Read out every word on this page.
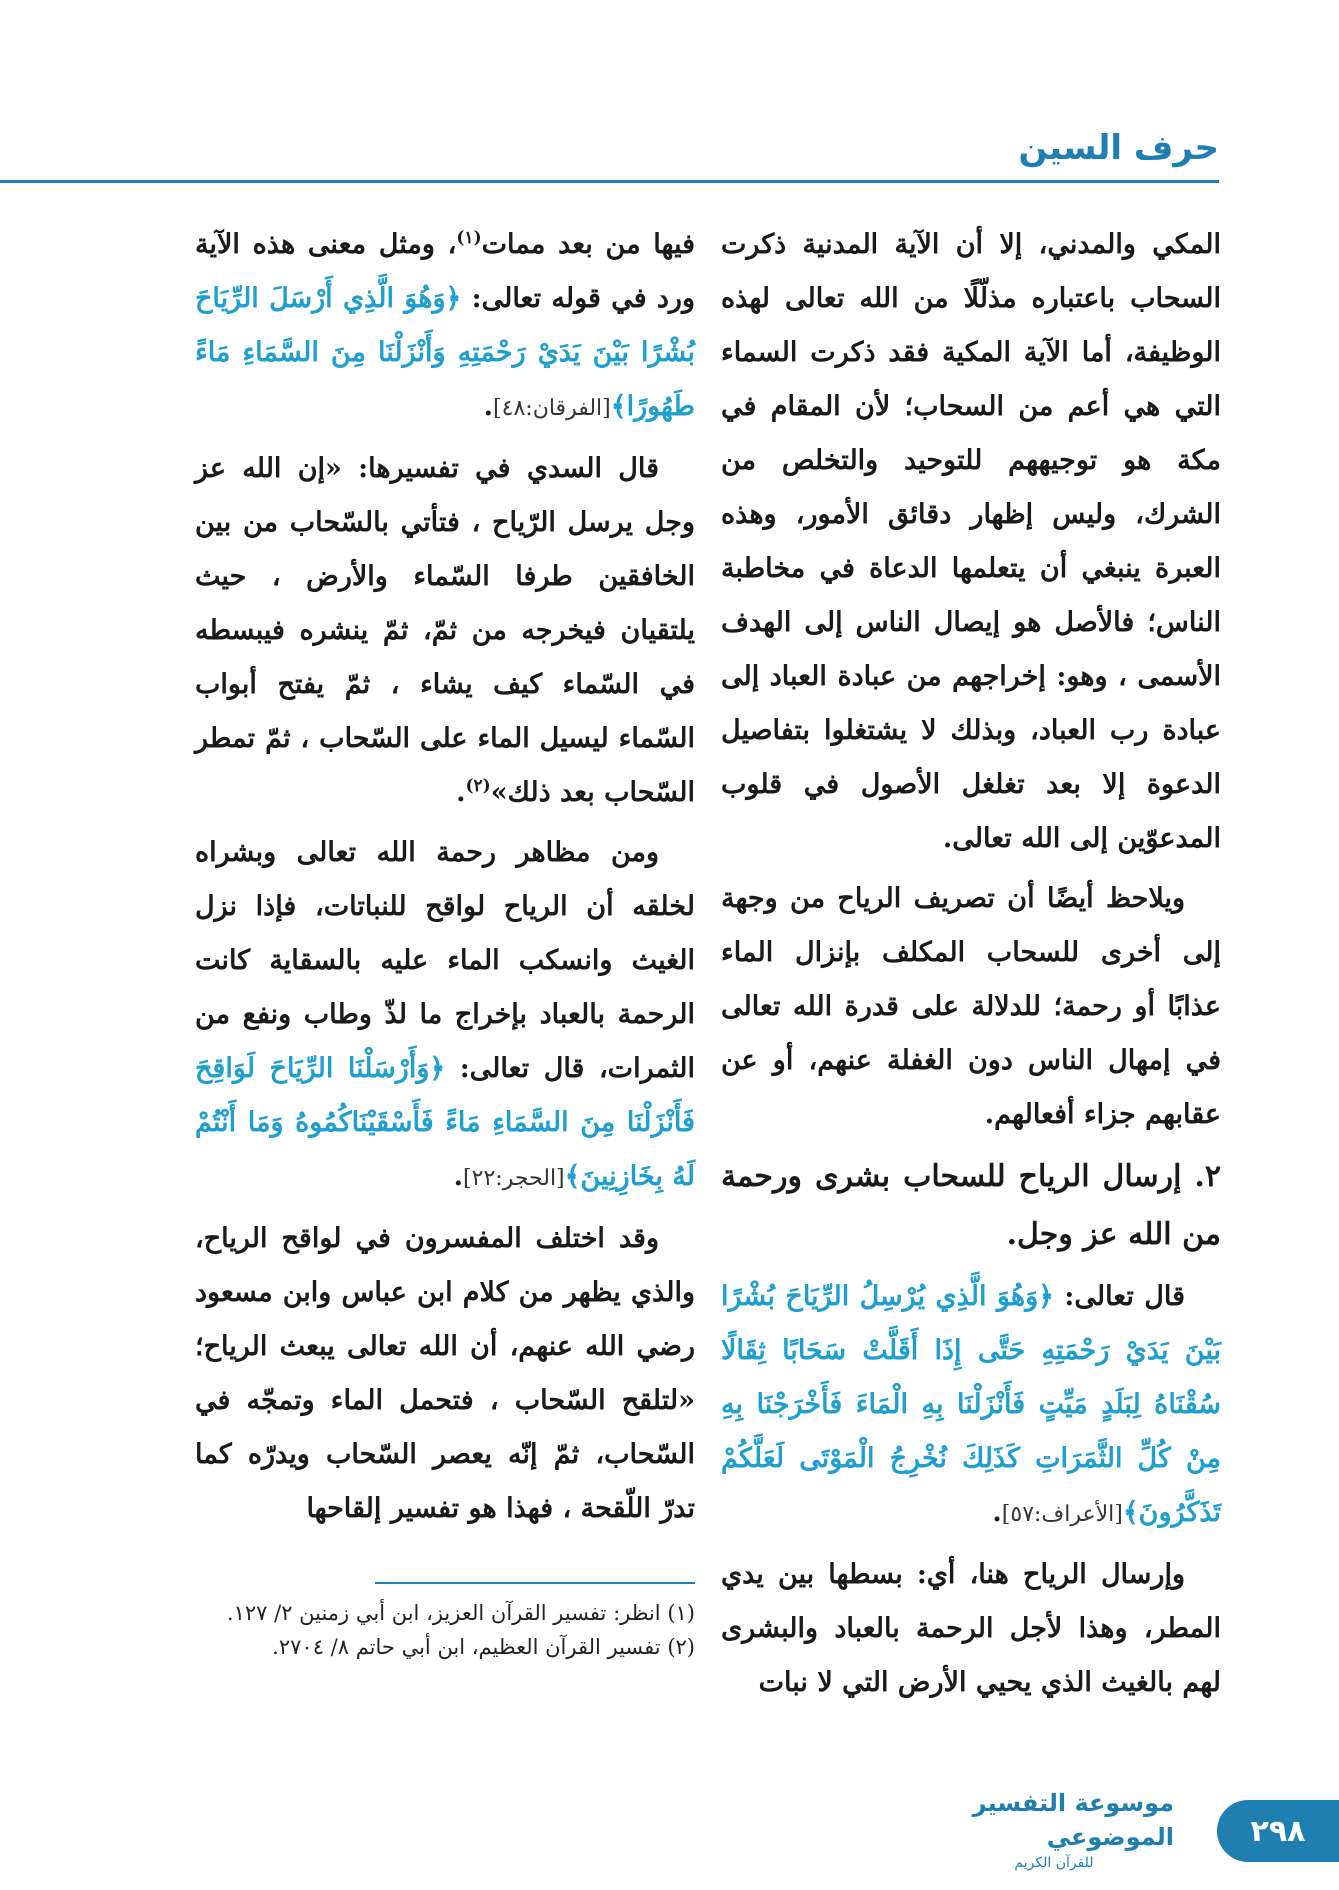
حرف السين

المكي والمدني، إلا أن الآية المدنية ذكرت السحاب باعتباره مذلّلًا من الله تعالى لهذه الوظيفة، أما الآية المكية فقد ذكرت السماء التي هي أعم من السحاب؛ لأن المقام في مكة هو توجيههم للتوحيد والتخلص من الشرك، وليس إظهار دقائق الأمور، وهذه العبرة ينبغي أن يتعلمها الدعاة في مخاطبة الناس؛ فالأصل هو إيصال الناس إلى الهدف الأسمى ، وهو: إخراجهم من عبادة العباد إلى عبادة رب العباد، وبذلك لا يشتغلوا بتفاصيل الدعوة إلا بعد تغلغل الأصول في قلوب المدعوّين إلى الله تعالى.

ويلاحظ أيضًا أن تصريف الرياح من وجهة إلى أخرى للسحاب المكلف بإنزال الماء عذابًا أو رحمة؛ للدلالة على قدرة الله تعالى في إمهال الناس دون الغفلة عنهم، أو عن عقابهم جزاء أفعالهم.

٢. إرسال الرياح للسحاب بشرى ورحمة من الله عز وجل.

قال تعالى: ﴿وَهُوَ الَّذِي يُرْسِلُ الرِّيَاحَ بُشْرًا بَيْنَ يَدَيْ رَحْمَتِهِ حَتَّى إِذَا أَقَلَّتْ سَحَابًا ثِقَالًا سُقْنَاهُ لِبَلَدٍ مَيِّتٍ فَأَنْزَلْنَا بِهِ الْمَاءَ فَأَخْرَجْنَا بِهِ مِنْ كُلِّ الثَّمَرَاتِ كَذَلِكَ نُخْرِجُ الْمَوْتَى لَعَلَّكُمْ تَذَكَّرُونَ﴾[الأعراف:٥٧].

وإرسال الرياح هنا، أي: بسطها بين يدي المطر، وهذا لأجل الرحمة بالعباد والبشرى لهم بالغيث الذي يحيي الأرض التي لا نبات

فيها من بعد ممات$^{(١)}$، ومثل معنى هذه الآية ورد في قوله تعالى: ﴿وَهُوَ الَّذِي أَرْسَلَ الرِّيَاحَ بُشْرًا بَيْنَ يَدَيْ رَحْمَتِهِ وَأَنْزَلْنَا مِنَ السَّمَاءِ مَاءً طَهُورًا﴾[الفرقان:٤٨].

قال السدي في تفسيرها: «إن الله عز وجل يرسل الرّياح ، فتأتي بالسّحاب من بين الخافقين طرفا السّماء والأرض ، حيث يلتقيان فيخرجه من ثمّ، ثمّ ينشره فيبسطه في السّماء كيف يشاء ، ثمّ يفتح أبواب السّماء ليسيل الماء على السّحاب ، ثمّ تمطر السّحاب بعد ذلك»$^{(٢)}$.

ومن مظاهر رحمة الله تعالى وبشراه لخلقه أن الرياح لواقح للنباتات، فإذا نزل الغيث وانسكب الماء عليه بالسقاية كانت الرحمة بالعباد بإخراج ما لذّ وطاب ونفع من الثمرات، قال تعالى: ﴿وَأَرْسَلْنَا الرِّيَاحَ لَوَاقِحَ فَأَنْزَلْنَا مِنَ السَّمَاءِ مَاءً فَأَسْقَيْنَاكُمُوهُ وَمَا أَنْتُمْ لَهُ بِخَازِنِينَ﴾[الحجر:٢٢].

وقد اختلف المفسرون في لواقح الرياح، والذي يظهر من كلام ابن عباس وابن مسعود رضي الله عنهم، أن الله تعالى يبعث الرياح؛ «لتلقح السّحاب ، فتحمل الماء وتمجّه في السّحاب، ثمّ إنّه يعصر السّحاب ويدرّه كما تدرّ اللّقحة ، فهذا هو تفسير إلقاحها

(١) انظر: تفسير القرآن العزيز، ابن أبي زمنين ٢/ ١٢٧.

(٢) تفسير القرآن العظيم، ابن أبي حاتم ٨/ ٢٧٠٤.

موسوعة التفسير الموضوعي
للقرآن الكريم
٢٩٨
